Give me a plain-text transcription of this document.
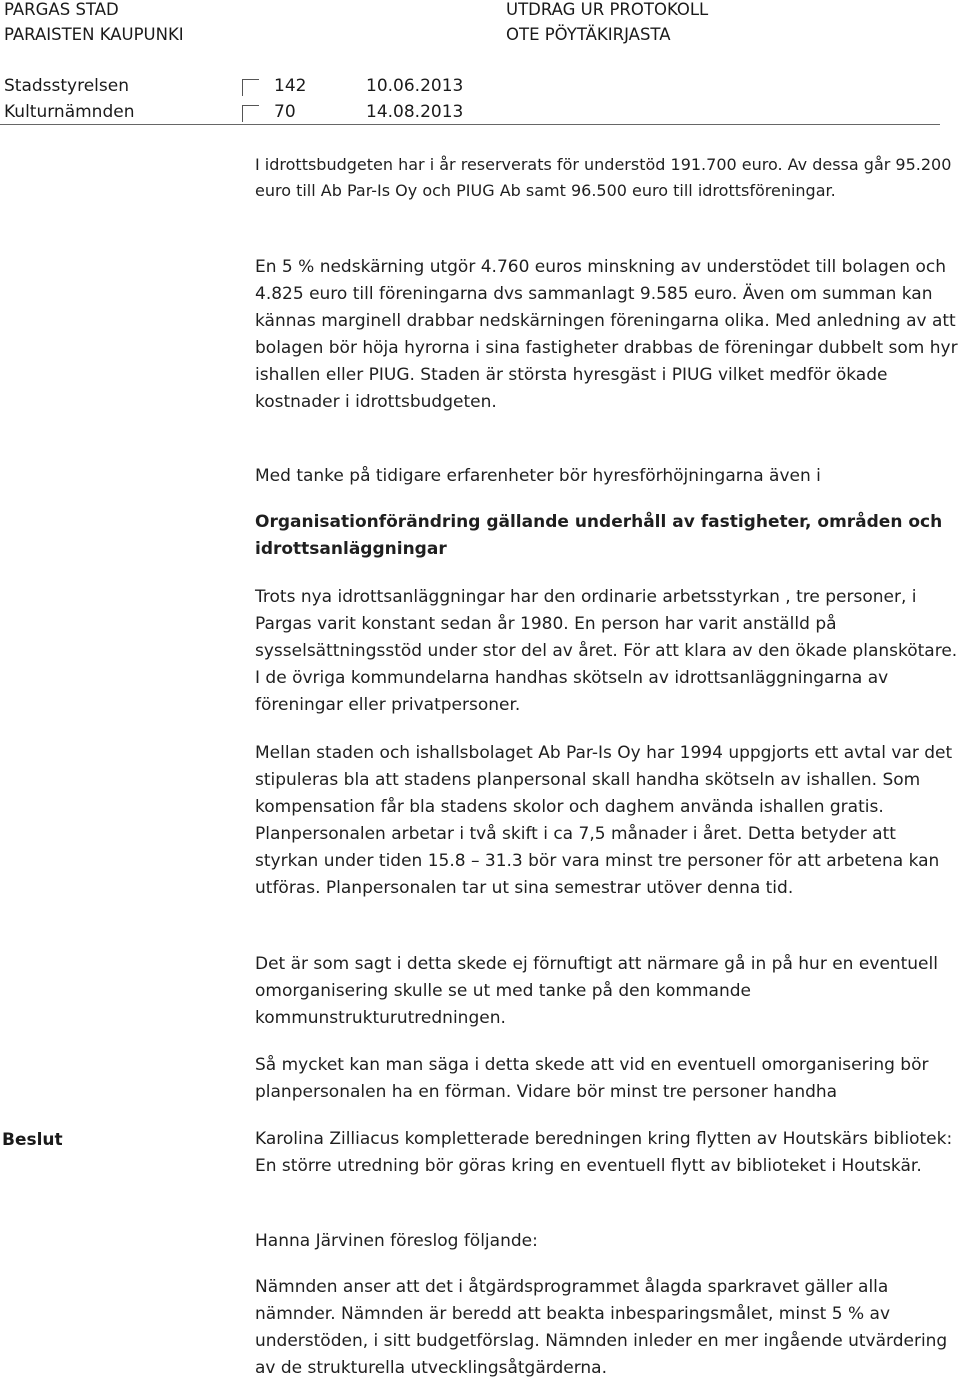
PARGAS STAD
PARAISTEN KAUPUNKI
UTDRAG UR PROTOKOLL
OTE PÖYTÄKIRJASTA
Stadsstyrelsen	142	10.06.2013
Kulturnämnden	70	14.08.2013
I idrottsbudgeten har i år reserverats för understöd 191.700 euro. Av dessa går 95.200 euro till Ab Par-Is Oy och PIUG Ab samt 96.500 euro till idrottsföreningar.
En 5 % nedskärning utgör 4.760 euros minskning av understödet till bolagen och 4.825 euro till föreningarna dvs sammanlagt 9.585 euro. Även om summan kan kännas marginell drabbar nedskärningen föreningarna olika. Med anledning av att bolagen bör höja hyrorna i sina fastigheter drabbas de föreningar dubbelt som hyr ishallen eller PIUG. Staden är största hyresgäst i PIUG vilket medför ökade kostnader i idrottsbudgeten.
Med tanke på tidigare erfarenheter bör hyresförhöjningarna även i
Organisationförändring gällande underhåll av fastigheter, områden och idrottsanläggningar
Trots nya idrottsanläggningar har den ordinarie arbetsstyrkan , tre personer, i Pargas varit konstant sedan år 1980. En person har varit anställd på sysselsättningsstöd under stor del av året. För att klara av den ökade planskötare. I de övriga kommundelarna handhas skötseln av idrottsanläggningarna av föreningar eller privatpersoner.
Mellan staden och ishallsbolaget Ab Par-Is Oy har 1994 uppgjorts ett avtal var det stipuleras bla att stadens planpersonal skall handha skötseln av ishallen. Som kompensation får bla stadens skolor och daghem använda ishallen gratis. Planpersonalen arbetar i två skift i ca 7,5 månader i året. Detta betyder att styrkan under tiden 15.8 – 31.3 bör vara minst tre personer för att arbetena kan utföras. Planpersonalen tar ut sina semestrar utöver denna tid.
Det är som sagt i detta skede ej förnuftigt att närmare gå in på hur en eventuell omorganisering skulle se ut med tanke på den kommande kommunstrukturutredningen.
Så mycket kan man säga i detta skede att vid en eventuell omorganisering bör planpersonalen ha en förman. Vidare bör minst tre personer handha
Beslut	Karolina Zilliacus kompletterade beredningen kring flytten av Houtskärs bibliotek: En större utredning bör göras kring en eventuell flytt av biblioteket i Houtskär.
Hanna Järvinen föreslog följande:
Nämnden anser att det i åtgärdsprogrammet ålagda sparkravet gäller alla nämnder. Nämnden är beredd att beakta inbesparingsmålet, minst 5 % av understöden, i sitt budgetförslag. Nämnden inleder en mer ingående utvärdering av de strukturella utvecklingsåtgärderna.
